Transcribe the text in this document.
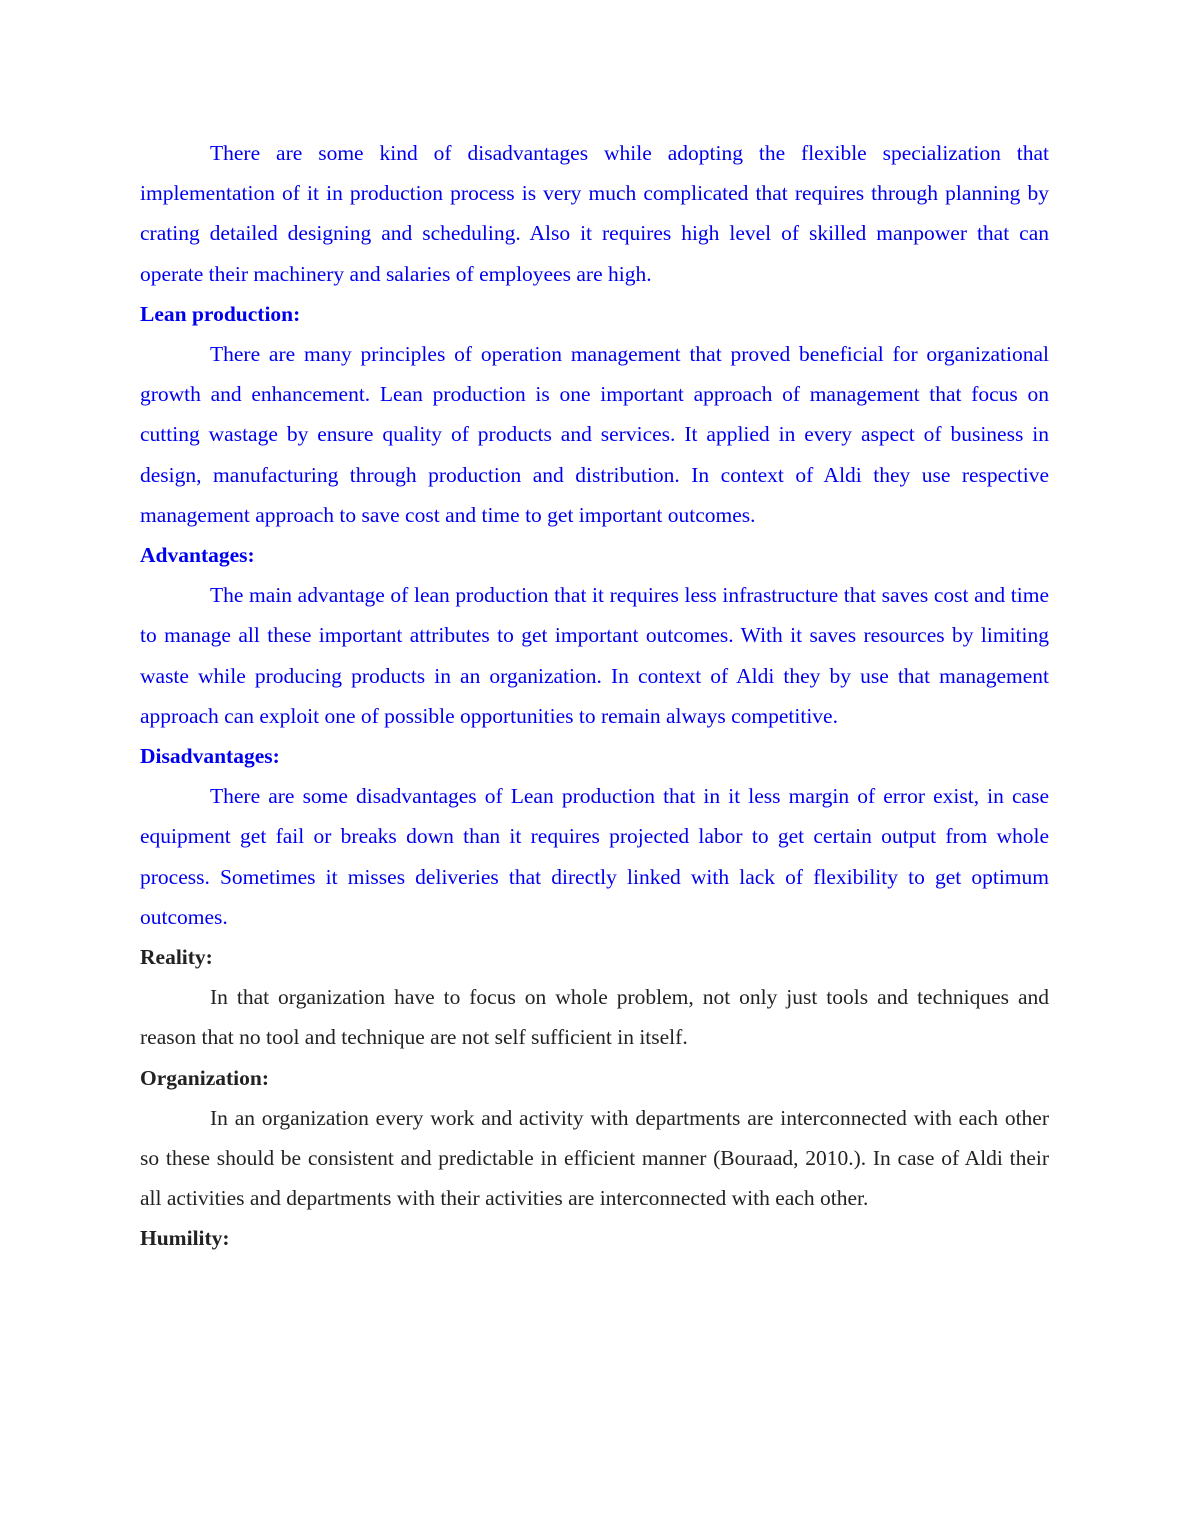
There are some kind of disadvantages while adopting the flexible specialization that implementation of it in production process is very much complicated that requires through planning by crating detailed designing and scheduling. Also it requires high level of skilled manpower that can operate their machinery and salaries of employees are high.

Lean production:

There are many principles of operation management that proved beneficial for organizational growth and enhancement. Lean production is one important approach of management that focus on cutting wastage by ensure quality of products and services. It applied in every aspect of business in design, manufacturing through production and distribution. In context of Aldi they use respective management approach to save cost and time to get important outcomes.

Advantages:

The main advantage of lean production that it requires less infrastructure that saves cost and time to manage all these important attributes to get important outcomes. With it saves resources by limiting waste while producing products in an organization. In context of Aldi they by use that management approach can exploit one of possible opportunities to remain always competitive.

Disadvantages:

There are some disadvantages of Lean production that in it less margin of error exist, in case equipment get fail or breaks down than it requires projected labor to get certain output from whole process. Sometimes it misses deliveries that directly linked with lack of flexibility to get optimum outcomes.

Reality:

In that organization have to focus on whole problem, not only just tools and techniques and reason that no tool and technique are not self sufficient in itself.

Organization:

In an organization every work and activity with departments are interconnected with each other so these should be consistent and predictable in efficient manner (Bouraad, 2010.). In case of Aldi their all activities and departments with their activities are interconnected with each other.

Humility:
